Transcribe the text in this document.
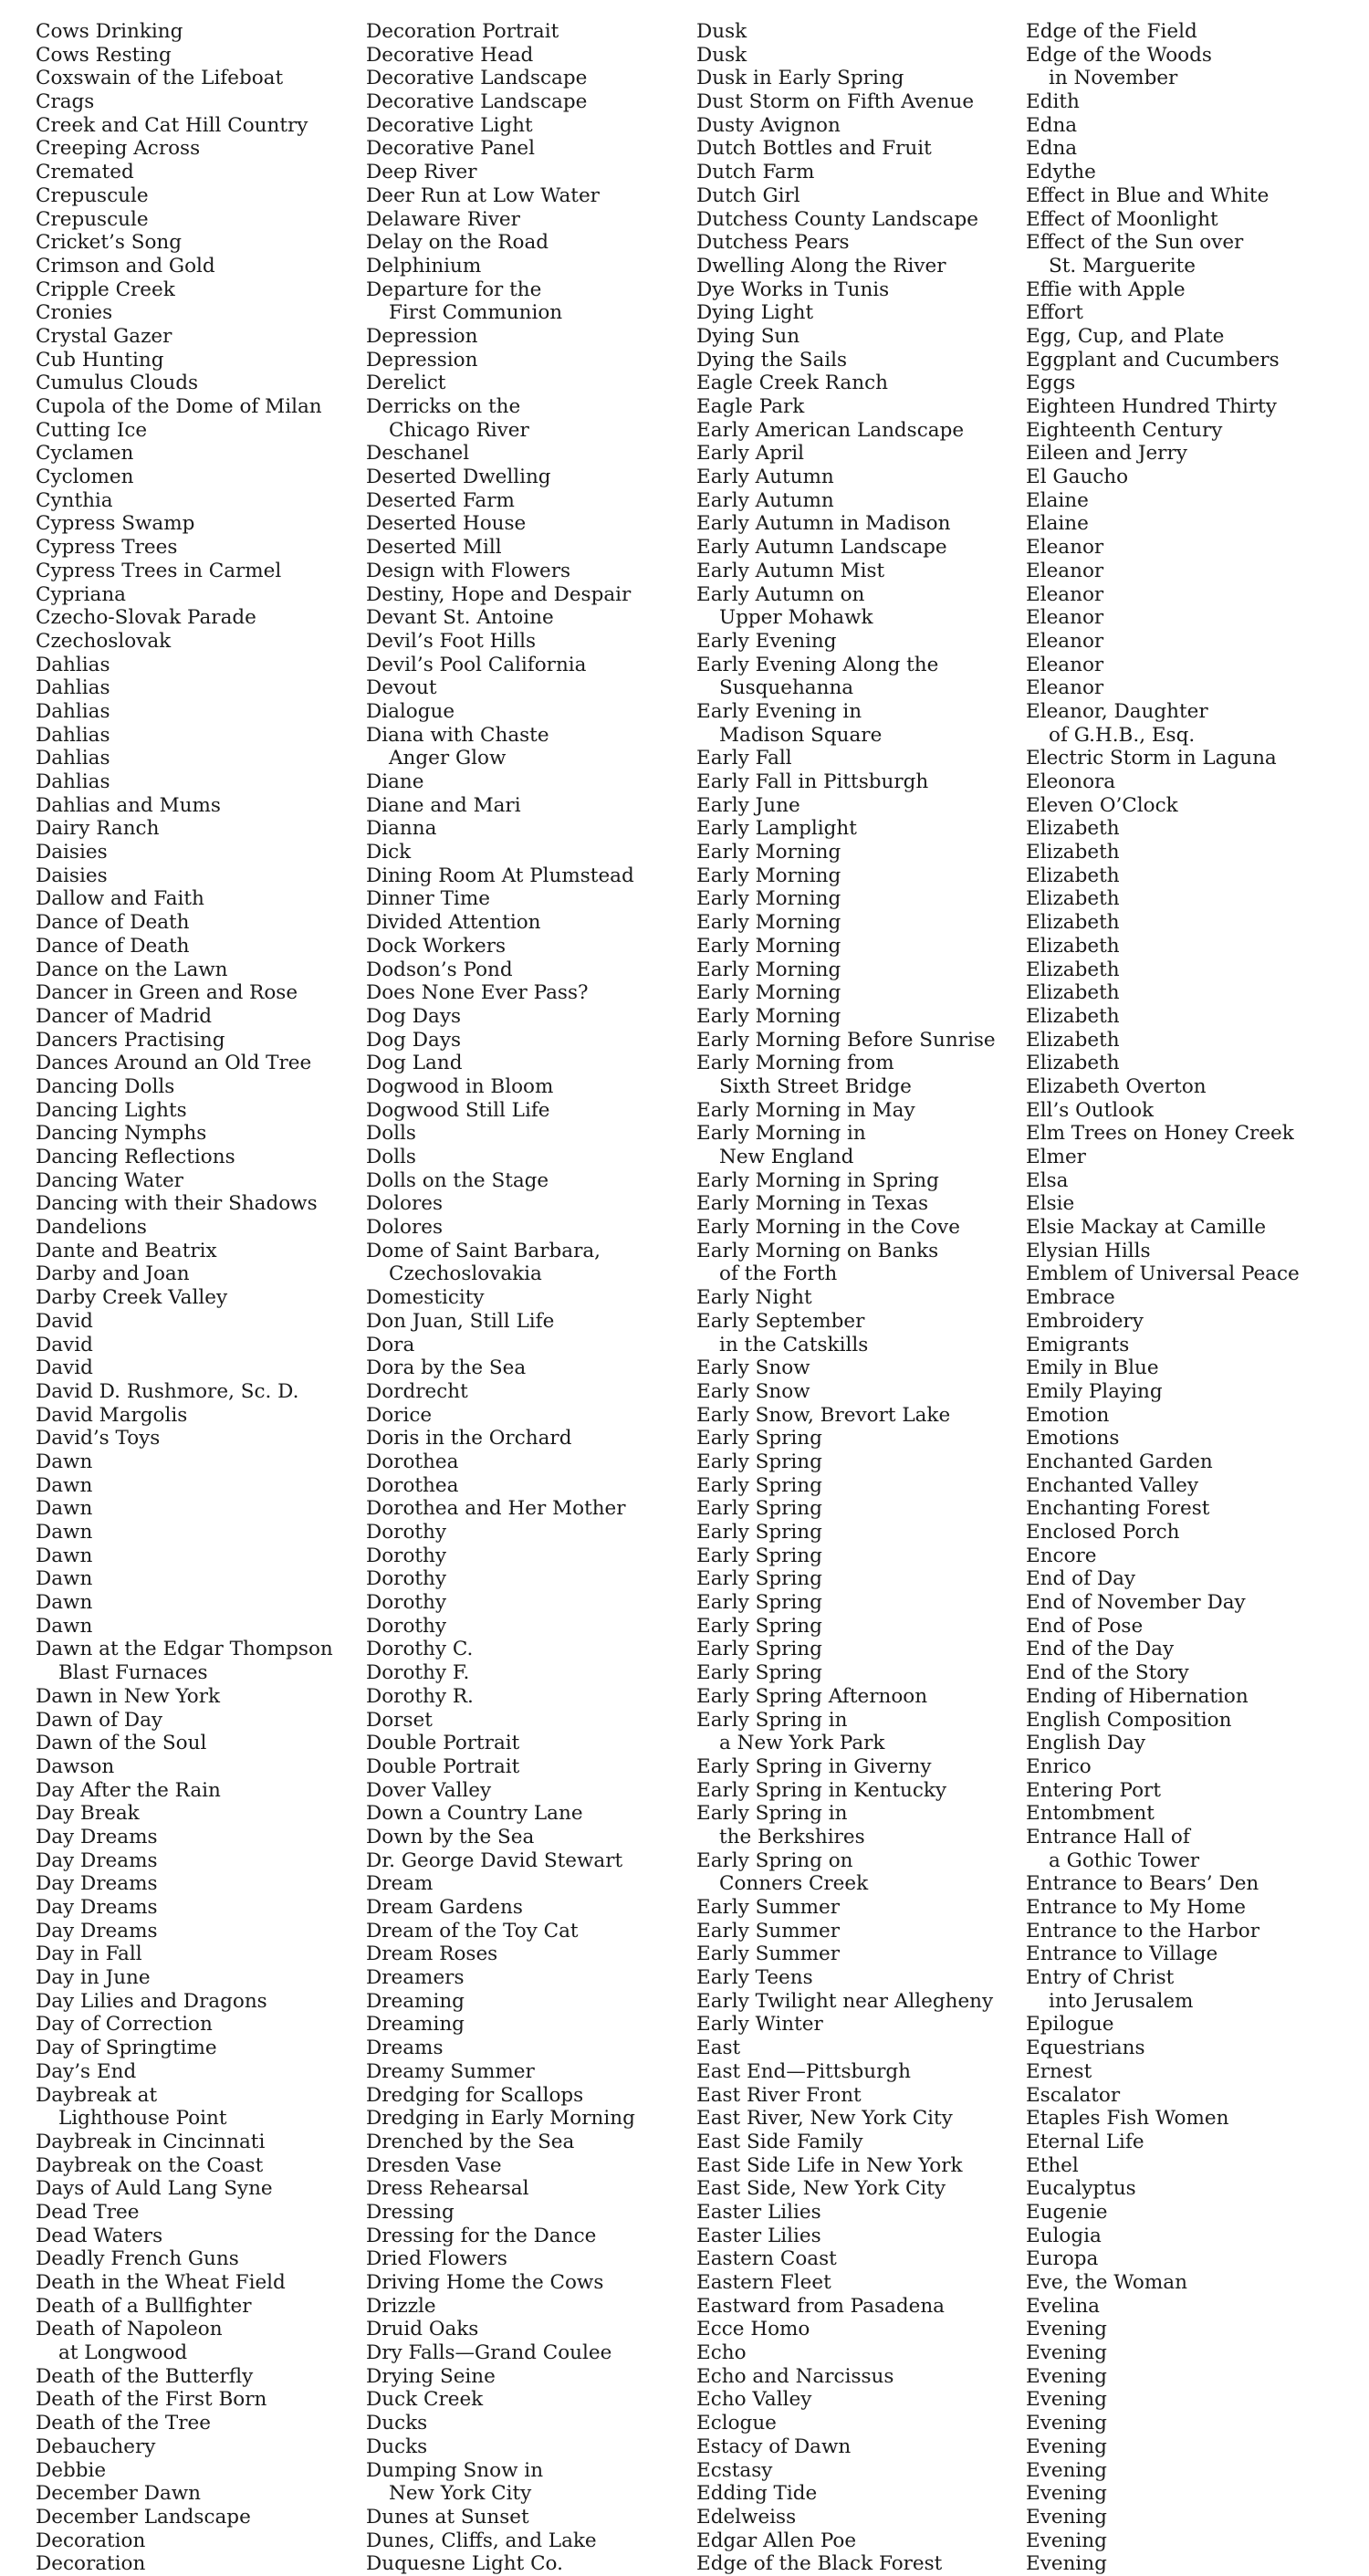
Cows Drinking
Cows Resting
Coxswain of the Lifeboat
Crags
Creek and Cat Hill Country
Creeping Across
Cremated
Crepuscule
Crepuscule
Cricket’s Song
Crimson and Gold
Cripple Creek
Cronies
Crystal Gazer
Cub Hunting
Cumulus Clouds
Cupola of the Dome of Milan
Cutting Ice
Cyclamen
Cyclomen
Cynthia
Cypress Swamp
Cypress Trees
Cypress Trees in Carmel
Cypriana
Czecho-Slovak Parade
Czechoslovak
Dahlias
Dahlias
Dahlias
Dahlias
Dahlias
Dahlias
Dahlias and Mums
Dairy Ranch
Daisies
Daisies
Dallow and Faith
Dance of Death
Dance of Death
Dance on the Lawn
Dancer in Green and Rose
Dancer of Madrid
Dancers Practising
Dances Around an Old Tree
Dancing Dolls
Dancing Lights
Dancing Nymphs
Dancing Reflections
Dancing Water
Dancing with their Shadows
Dandelions
Dante and Beatrix
Darby and Joan
Darby Creek Valley
David
David
David
David D. Rushmore, Sc. D.
David Margolis
David’s Toys
Dawn
Dawn
Dawn
Dawn
Dawn
Dawn
Dawn
Dawn
Dawn at the Edgar Thompson
Blast Furnaces
Dawn in New York
Dawn of Day
Dawn of the Soul
Dawson
Day After the Rain
Day Break
Day Dreams
Day Dreams
Day Dreams
Day Dreams
Day Dreams
Day in Fall
Day in June
Day Lilies and Dragons
Day of Correction
Day of Springtime
Day’s End
Daybreak at
Lighthouse Point
Daybreak in Cincinnati
Daybreak on the Coast
Days of Auld Lang Syne
Dead Tree
Dead Waters
Deadly French Guns
Death in the Wheat Field
Death of a Bullfighter
Death of Napoleon
at Longwood
Death of the Butterfly
Death of the First Born
Death of the Tree
Debauchery
Debbie
December Dawn
December Landscape
Decoration
Decoration
Decoration Portrait
Decorative Head
Decorative Landscape
Decorative Landscape
Decorative Light
Decorative Panel
Deep River
Deer Run at Low Water
Delaware River
Delay on the Road
Delphinium
Departure for the
First Communion
Depression
Depression
Derelict
Derricks on the
Chicago River
Deschanel
Deserted Dwelling
Deserted Farm
Deserted House
Deserted Mill
Design with Flowers
Destiny, Hope and Despair
Devant St. Antoine
Devil’s Foot Hills
Devil’s Pool California
Devout
Dialogue
Diana with Chaste
Anger Glow
Diane
Diane and Mari
Dianna
Dick
Dining Room At Plumstead
Dinner Time
Divided Attention
Dock Workers
Dodson’s Pond
Does None Ever Pass?
Dog Days
Dog Days
Dog Land
Dogwood in Bloom
Dogwood Still Life
Dolls
Dolls
Dolls on the Stage
Dolores
Dolores
Dome of Saint Barbara,
Czechoslovakia
Domesticity
Don Juan, Still Life
Dora
Dora by the Sea
Dordrecht
Dorice
Doris in the Orchard
Dorothea
Dorothea
Dorothea and Her Mother
Dorothy
Dorothy
Dorothy
Dorothy
Dorothy
Dorothy C.
Dorothy F.
Dorothy R.
Dorset
Double Portrait
Double Portrait
Dover Valley
Down a Country Lane
Down by the Sea
Dr. George David Stewart
Dream
Dream Gardens
Dream of the Toy Cat
Dream Roses
Dreamers
Dreaming
Dreaming
Dreams
Dreamy Summer
Dredging for Scallops
Dredging in Early Morning
Drenched by the Sea
Dresden Vase
Dress Rehearsal
Dressing
Dressing for the Dance
Dried Flowers
Driving Home the Cows
Drizzle
Druid Oaks
Dry Falls—Grand Coulee
Drying Seine
Duck Creek
Ducks
Ducks
Dumping Snow in
New York City
Dunes at Sunset
Dunes, Cliffs, and Lake
Duquesne Light Co.
Dusk
Dusk
Dusk in Early Spring
Dust Storm on Fifth Avenue
Dusty Avignon
Dutch Bottles and Fruit
Dutch Farm
Dutch Girl
Dutchess County Landscape
Dutchess Pears
Dwelling Along the River
Dye Works in Tunis
Dying Light
Dying Sun
Dying the Sails
Eagle Creek Ranch
Eagle Park
Early American Landscape
Early April
Early Autumn
Early Autumn
Early Autumn in Madison
Early Autumn Landscape
Early Autumn Mist
Early Autumn on
Upper Mohawk
Early Evening
Early Evening Along the
Susquehanna
Early Evening in
Madison Square
Early Fall
Early Fall in Pittsburgh
Early June
Early Lamplight
Early Morning
Early Morning
Early Morning
Early Morning
Early Morning
Early Morning
Early Morning
Early Morning
Early Morning Before Sunrise
Early Morning from
Sixth Street Bridge
Early Morning in May
Early Morning in
New England
Early Morning in Spring
Early Morning in Texas
Early Morning in the Cove
Early Morning on Banks
of the Forth
Early Night
Early September
in the Catskills
Early Snow
Early Snow
Early Snow, Brevort Lake
Early Spring
Early Spring
Early Spring
Early Spring
Early Spring
Early Spring
Early Spring
Early Spring
Early Spring
Early Spring
Early Spring
Early Spring Afternoon
Early Spring in
a New York Park
Early Spring in Giverny
Early Spring in Kentucky
Early Spring in
the Berkshires
Early Spring on
Conners Creek
Early Summer
Early Summer
Early Summer
Early Teens
Early Twilight near Allegheny
Early Winter
East
East End—Pittsburgh
East River Front
East River, New York City
East Side Family
East Side Life in New York
East Side, New York City
Easter Lilies
Easter Lilies
Eastern Coast
Eastern Fleet
Eastward from Pasadena
Ecce Homo
Echo
Echo and Narcissus
Echo Valley
Eclogue
Estacy of Dawn
Ecstasy
Edding Tide
Edelweiss
Edgar Allen Poe
Edge of the Black Forest
Edge of the Field
Edge of the Woods
in November
Edith
Edna
Edna
Edythe
Effect in Blue and White
Effect of Moonlight
Effect of the Sun over
St. Marguerite
Effie with Apple
Effort
Egg, Cup, and Plate
Eggplant and Cucumbers
Eggs
Eighteen Hundred Thirty
Eighteenth Century
Eileen and Jerry
El Gaucho
Elaine
Elaine
Eleanor
Eleanor
Eleanor
Eleanor
Eleanor
Eleanor
Eleanor
Eleanor, Daughter
of G.H.B., Esq.
Electric Storm in Laguna
Eleonora
Eleven O’Clock
Elizabeth
Elizabeth
Elizabeth
Elizabeth
Elizabeth
Elizabeth
Elizabeth
Elizabeth
Elizabeth
Elizabeth
Elizabeth
Elizabeth Overton
Ell’s Outlook
Elm Trees on Honey Creek
Elmer
Elsa
Elsie
Elsie Mackay at Camille
Elysian Hills
Emblem of Universal Peace
Embrace
Embroidery
Emigrants
Emily in Blue
Emily Playing
Emotion
Emotions
Enchanted Garden
Enchanted Valley
Enchanting Forest
Enclosed Porch
Encore
End of Day
End of November Day
End of Pose
End of the Day
End of the Story
Ending of Hibernation
English Composition
English Day
Enrico
Entering Port
Entombment
Entrance Hall of
a Gothic Tower
Entrance to Bears’ Den
Entrance to My Home
Entrance to the Harbor
Entrance to Village
Entry of Christ
into Jerusalem
Epilogue
Equestrians
Ernest
Escalator
Etaples Fish Women
Eternal Life
Ethel
Eucalyptus
Eugenie
Eulogia
Europa
Eve, the Woman
Evelina
Evening
Evening
Evening
Evening
Evening
Evening
Evening
Evening
Evening
Evening
Evening
